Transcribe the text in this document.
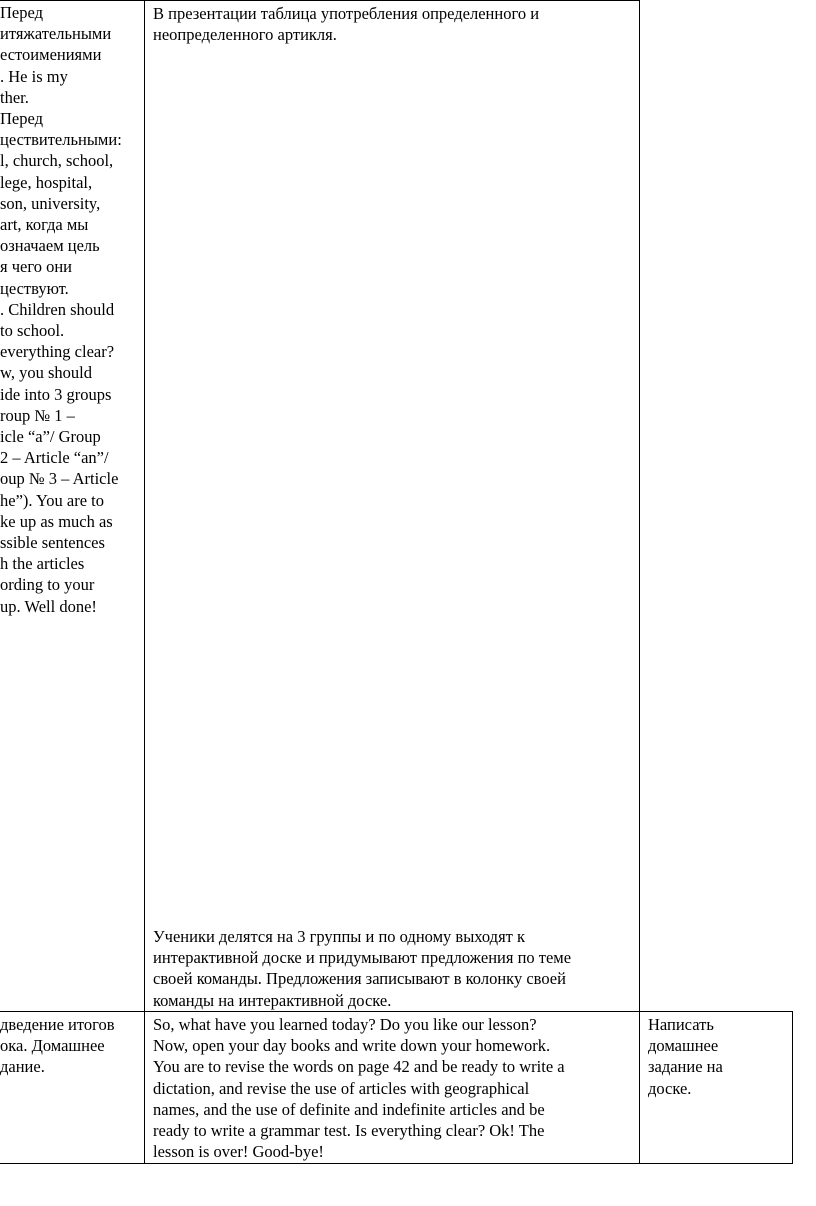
Перед

итяжательными

естоимениями

. He is my

ther.

Перед

цествительными:

l, church, school,

lege, hospital,

son, university,

art, когда мы

означаем цель

я чего они

цествуют.

. Children should

to school.

everything clear?

w, you should

ide into 3 groups

roup № 1 –

icle “a”/ Group

2 – Article “an”/

oup № 3 – Article

he”). You are to

ke up as much as

ssible sentences

h the articles

ording to your

up. Well done!

В презентации таблица употребления определенного и

неопределенного артикля.

Ученики делятся на 3 группы и по одному выходят к

интерактивной доске и придумывают предложения по теме

своей команды. Предложения записывают в колонку своей

команды на интерактивной доске.

дведение итогов

ока. Домашнее

дание.

So, what have you learned today? Do you like our lesson?

Now, open your day books and write down your homework.

You are to revise the words on page 42 and be ready to write a

dictation, and revise the use of articles with geographical

names, and the use of definite and indefinite articles and be

ready to write a grammar test. Is everything clear? Ok! The

lesson is over! Good-bye!

Написать

домашнее

задание на

доске.
